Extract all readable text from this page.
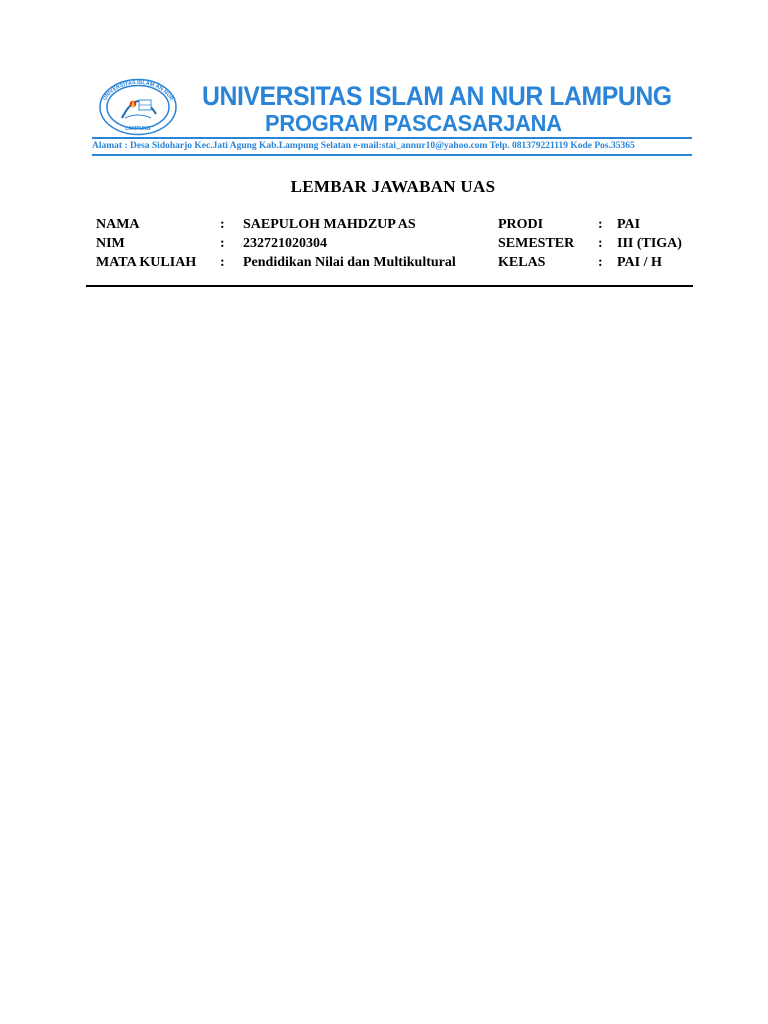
UNIVERSITAS ISLAM AN NUR
LAMPUNG
UNIVERSITAS ISLAM AN NUR LAMPUNG
PROGRAM PASCASARJANA
Alamat : Desa Sidoharjo Kec.Jati Agung Kab.Lampung Selatan e-mail:stai_annur10@yahoo.com Telp. 081379221119 Kode Pos.35365
LEMBAR JAWABAN UAS
NAMA	: SAEPULOH MAHDZUP AS	PRODI	: PAI
NIM	: 232721020304	SEMESTER : III (TIGA)
MATA KULIAH : Pendidikan Nilai dan Multikultural	KELAS	: PAI / H
